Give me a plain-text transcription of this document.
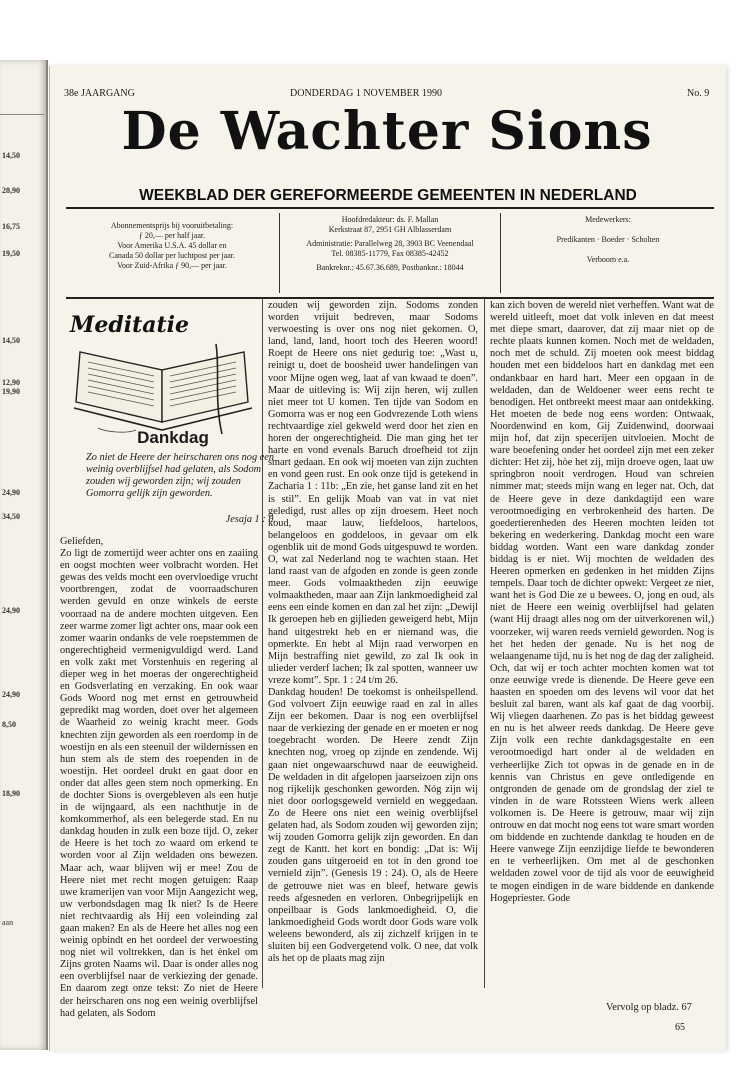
14,50
28,90
16,75
19,50
14,50
12,90
19,90
24,90
34,50
24,90
24,90
8,50
18,90
aan
38e JAARGANG	DONDERDAG 1 NOVEMBER 1990	No. 9
De Wachter Sions
WEEKBLAD DER GEREFORMEERDE GEMEENTEN IN NEDERLAND
Abonnementsprijs bij vooruitbetaling:
ƒ 20,— per half jaar.
Voor Amerika U.S.A. 45 dollar en
Canada 50 dollar per luchtpost per jaar.
Voor Zuid-Afrika ƒ 90,— per jaar.
Hoofdredakteur: ds. F. Mallan
Kerkstraat 87, 2951 GH Alblasserdam
Administratie: Parallelweg 28, 3903 BC Veenendaal
Tel. 08385-11779, Fax 08385-42452
Bankreknr.: 45.67.36.689, Postbanknr.: 18044
Medewerkers:
Predikanten · Boeder · Scholten
Verboom e.a.
Meditatie
Dankdag
Zo niet de Heere der heirscharen ons nog een weinig overblijfsel had gelaten, als Sodom zouden wij geworden zijn; wij zouden Gomorra gelijk zijn geworden.
Jesaja 1 : 9.
Geliefden,
Zo ligt de zomertijd weer achter ons en zaaiing en oogst mochten weer volbracht worden. Het gewas des velds mocht een overvloedige vrucht voortbrengen, zodat de voorraadschuren werden gevuld en onze winkels de eerste voorraad na de andere mochten uitgeven. Een zeer warme zomer ligt achter ons, maar ook een zomer waarin ondanks de vele roepstemmen de ongerechtigheid vermenigvuldigd werd. Land en volk zakt met Vorstenhuis en regering al dieper weg in het moeras der ongerechtigheid en Godsverlating en verzaking. En ook waar Gods Woord nog met ernst en getrouwheid gepredikt mag worden, doet over het algemeen de Waarheid zo weinig kracht meer. Gods knechten zijn geworden als een roerdomp in de woestijn en als een steenuil der wildernissen en hun stem als de stem des roependen in de woestijn. Het oordeel drukt en gaat door en onder dat alles geen stem noch opmerking. En de dochter Sions is overgebleven als een hutje in de wijngaard, als een nachthutje in de komkommerhof, als een belegerde stad. En nu dankdag houden in zulk een boze tijd. O, zeker de Heere is het toch zo waard om erkend te worden voor al Zijn weldaden ons bewezen. Maar ach, waar blijven wij er mee! Zou de Heere niet met recht mogen getuigen: Raap uwe kramerijen van voor Mijn Aangezicht weg, uw verbondsdagen mag Ik niet? Is de Heere niet rechtvaardig als Hij een voleinding zal gaan maken? En als de Heere het alles nog een weinig opbindt en het oordeel der verwoesting nog niet wil voltrekken, dan is het ènkel om Zijns groten Naams wil. Daar is onder alles nog een overblijfsel naar de verkiezing der genade. En daarom zegt onze tekst: Zo niet de Heere der heirscharen ons nog een weinig overblijfsel had gelaten, als Sodom
zouden wij geworden zijn. Sodoms zonden worden vrijuit bedreven, maar Sodoms verwoesting is over ons nog niet gekomen. O, land, land, land, hoort toch des Heeren woord! Roept de Heere ons niet gedurig toe: „Wast u, reinigt u, doet de boosheid uwer handelingen van voor Mijne ogen weg, laat af van kwaad te doen”. Maar de uitleving is: Wij zijn heren, wij zullen niet meer tot U komen. Ten tijde van Sodom en Gomorra was er nog een Godvrezende Loth wiens rechtvaardige ziel gekweld werd door het zien en horen der ongerechtigheid. Die man ging het ter harte en vond evenals Baruch droefheid tot zijn smart gedaan. En ook wij moeten van zijn zuchten en vond geen rust. En ook onze tijd is getekend in Zacharia 1 : 11b: „En zie, het ganse land zit en het is stil”. En gelijk Moab van vat in vat niet geledigd, rust alles op zijn droesem. Heet noch koud, maar lauw, liefdeloos, harteloos, belangeloos en goddeloos, in gevaar om elk ogenblik uit de mond Gods uitgespuwd te worden. O, wat zal Nederland nog te wachten staan. Het land raast van de afgoden en zonde is geen zonde meer. Gods volmaaktheden zijn eeuwige volmaaktheden, maar aan Zijn lankmoedigheid zal eens een einde komen en dan zal het zijn: „Dewijl Ik geroepen heb en gijlieden geweigerd hebt, Mijn hand uitgestrekt heb en er niemand was, die opmerkte. En hebt al Mijn raad verworpen en Mijn bestraffing niet gewild, zo zal Ik ook in ulieder verderf lachen; Ik zal spotten, wanneer uw vreze komt”. Spr. 1 : 24 t/m 26.
Dankdag houden! De toekomst is onheilspellend. God volvoert Zijn eeuwige raad en zal in alles Zijn eer bekomen. Daar is nog een overblijfsel naar de verkiezing der genade en er moeten er nog toegebracht worden. De Heere zendt Zijn knechten nog, vroeg op zijnde en zendende. Wij gaan niet ongewaarschuwd naar de eeuwigheid. De weldaden in dit afgelopen jaarseizoen zijn ons nog rijkelijk geschonken geworden. Nóg zijn wij niet door oorlogsgeweld vernield en weggedaan. Zo de Heere ons niet een weinig overblijfsel gelaten had, als Sodom zouden wij geworden zijn; wij zouden Gomorra gelijk zijn geworden. En dan zegt de Kantt. het kort en bondig: „Dat is: Wij zouden gans uitgeroeid en tot in den grond toe vernield zijn”. (Genesis 19 : 24). O, als de Heere de getrouwe niet was en bleef, hetware gewis reeds afgesneden en verloren. Onbegrijpelijk en onpeilbaar is Gods lankmoedigheid. O, die lankmoedigheid Gods wordt door Gods ware volk weleens bewonderd, als zij zichzelf krijgen in te sluiten bij een Godvergetend volk. O nee, dat volk als het op de plaats mag zijn
kan zich boven de wereld niet verheffen. Want wat de wereld uitleeft, moet dat volk inleven en dat meest met diepe smart, daarover, dat zij maar niet op de rechte plaats kunnen komen. Noch met de weldaden, noch met de schuld. Zij moeten ook meest biddag houden met een biddeloos hart en dankdag met een ondankbaar en hard hart. Meer een opgaan in de weldaden, dan de Weldoener weer eens recht te benodigen. Het ontbreekt meest maar aan ontdekking. Het moeten de bede nog eens worden: Ontwaak, Noordenwind en kom, Gij Zuidenwind, doorwaai mijn hof, dat zijn specerijen uitvloeien. Mocht de ware beoefening onder het oordeel zijn met een zeker dichter: Het zij, hòe het zij, mijn droeve ogen, laat uw springbron nooit verdrogen. Houd van schreien nimmer mat; steeds mijn wang en leger nat. Och, dat de Heere geve in deze dankdagtijd een ware verootmoediging en verbrokenheid des harten. De goedertierenheden des Heeren mochten leiden tot bekering en wederkering. Dankdag mocht een ware biddag worden. Want een ware dankdag zonder biddag is er niet. Wij mochten de weldaden des Heeren opmerken en gedenken in het midden Zijns tempels. Daar toch de dichter opwekt: Vergeet ze niet, want het is God Die ze u bewees. O, jong en oud, als niet de Heere een weinig overblijfsel had gelaten (want Hij draagt alles nog om der uitverkorenen wil,) voorzeker, wij waren reeds vernield geworden. Nog is het het heden der genade. Nu is het nog de welaangename tijd, nu is het nog de dag der zaligheid. Och, dat wij er toch achter mochten komen wat tot onze eeuwige vrede is dienende. De Heere geve een haasten en spoeden om des levens wil voor dat het besluit zal baren, want als kaf gaat de dag voorbij. Wij vliegen daarhenen. Zo pas is het biddag geweest en nu is het alweer reeds dankdag. De Heere geve Zijn volk een rechte dankdagsgestalte en een verootmoedigd hart onder al de weldaden en verheerlijke Zich tot opwas in de genade en in de kennis van Christus en geve ontledigende en ontgronden de genade om de grondslag der ziel te vinden in de ware Rotssteen Wiens werk alleen volkomen is. De Heere is getrouw, maar wij zijn ontrouw en dat mocht nog eens tot ware smart worden om biddende en zuchtende dankdag te houden en de Heere vanwege Zijn eenzijdige liefde te bewonderen en te verheerlijken. Om met al de geschonken weldaden zowel voor de tijd als voor de eeuwigheid te mogen eindigen in de ware biddende en dankende Hogepriester. Gode
Vervolg op bladz. 67
65
